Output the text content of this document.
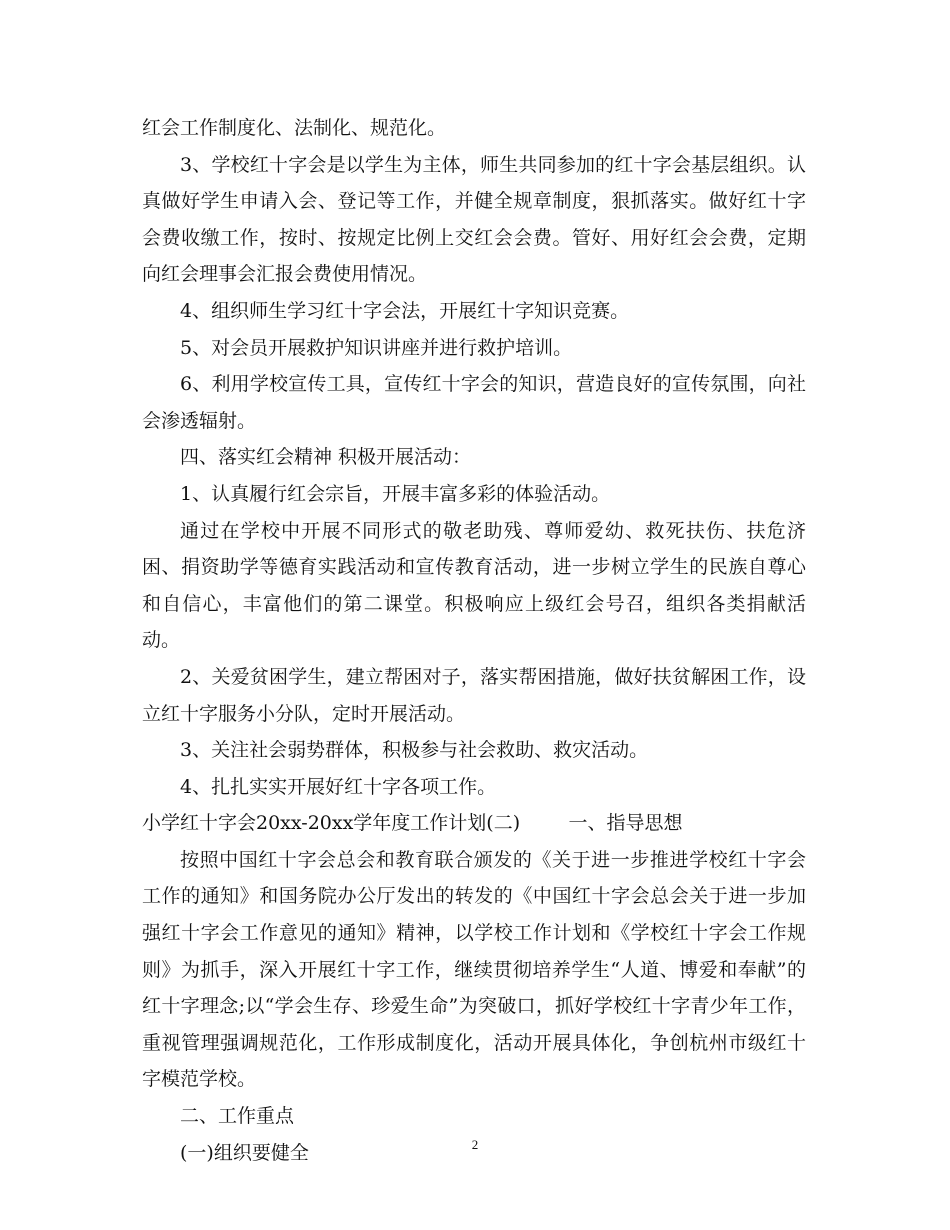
红会工作制度化、法制化、规范化。

3、学校红十字会是以学生为主体，师生共同参加的红十字会基层组织。认真做好学生申请入会、登记等工作，并健全规章制度，狠抓落实。做好红十字会费收缴工作，按时、按规定比例上交红会会费。管好、用好红会会费，定期向红会理事会汇报会费使用情况。

4、组织师生学习红十字会法，开展红十字知识竞赛。

5、对会员开展救护知识讲座并进行救护培训。

6、利用学校宣传工具，宣传红十字会的知识，营造良好的宣传氛围，向社会渗透辐射。

四、落实红会精神 积极开展活动：

1、认真履行红会宗旨，开展丰富多彩的体验活动。

通过在学校中开展不同形式的敬老助残、尊师爱幼、救死扶伤、扶危济困、捐资助学等德育实践活动和宣传教育活动，进一步树立学生的民族自尊心和自信心，丰富他们的第二课堂。积极响应上级红会号召，组织各类捐献活动。

2、关爱贫困学生，建立帮困对子，落实帮困措施，做好扶贫解困工作，设立红十字服务小分队，定时开展活动。

3、关注社会弱势群体，积极参与社会救助、救灾活动。

4、扎扎实实开展好红十字各项工作。

小学红十字会20xx-20xx学年度工作计划(二)        一、指导思想

按照中国红十字会总会和教育联合颁发的《关于进一步推进学校红十字会工作的通知》和国务院办公厅发出的转发的《中国红十字会总会关于进一步加强红十字会工作意见的通知》精神，以学校工作计划和《学校红十字会工作规则》为抓手，深入开展红十字工作，继续贯彻培养学生“人道、博爱和奉献”的红十字理念;以“学会生存、珍爱生命”为突破口，抓好学校红十字青少年工作，重视管理强调规范化，工作形成制度化，活动开展具体化，争创杭州市级红十字模范学校。

二、工作重点

(一)组织要健全	2
